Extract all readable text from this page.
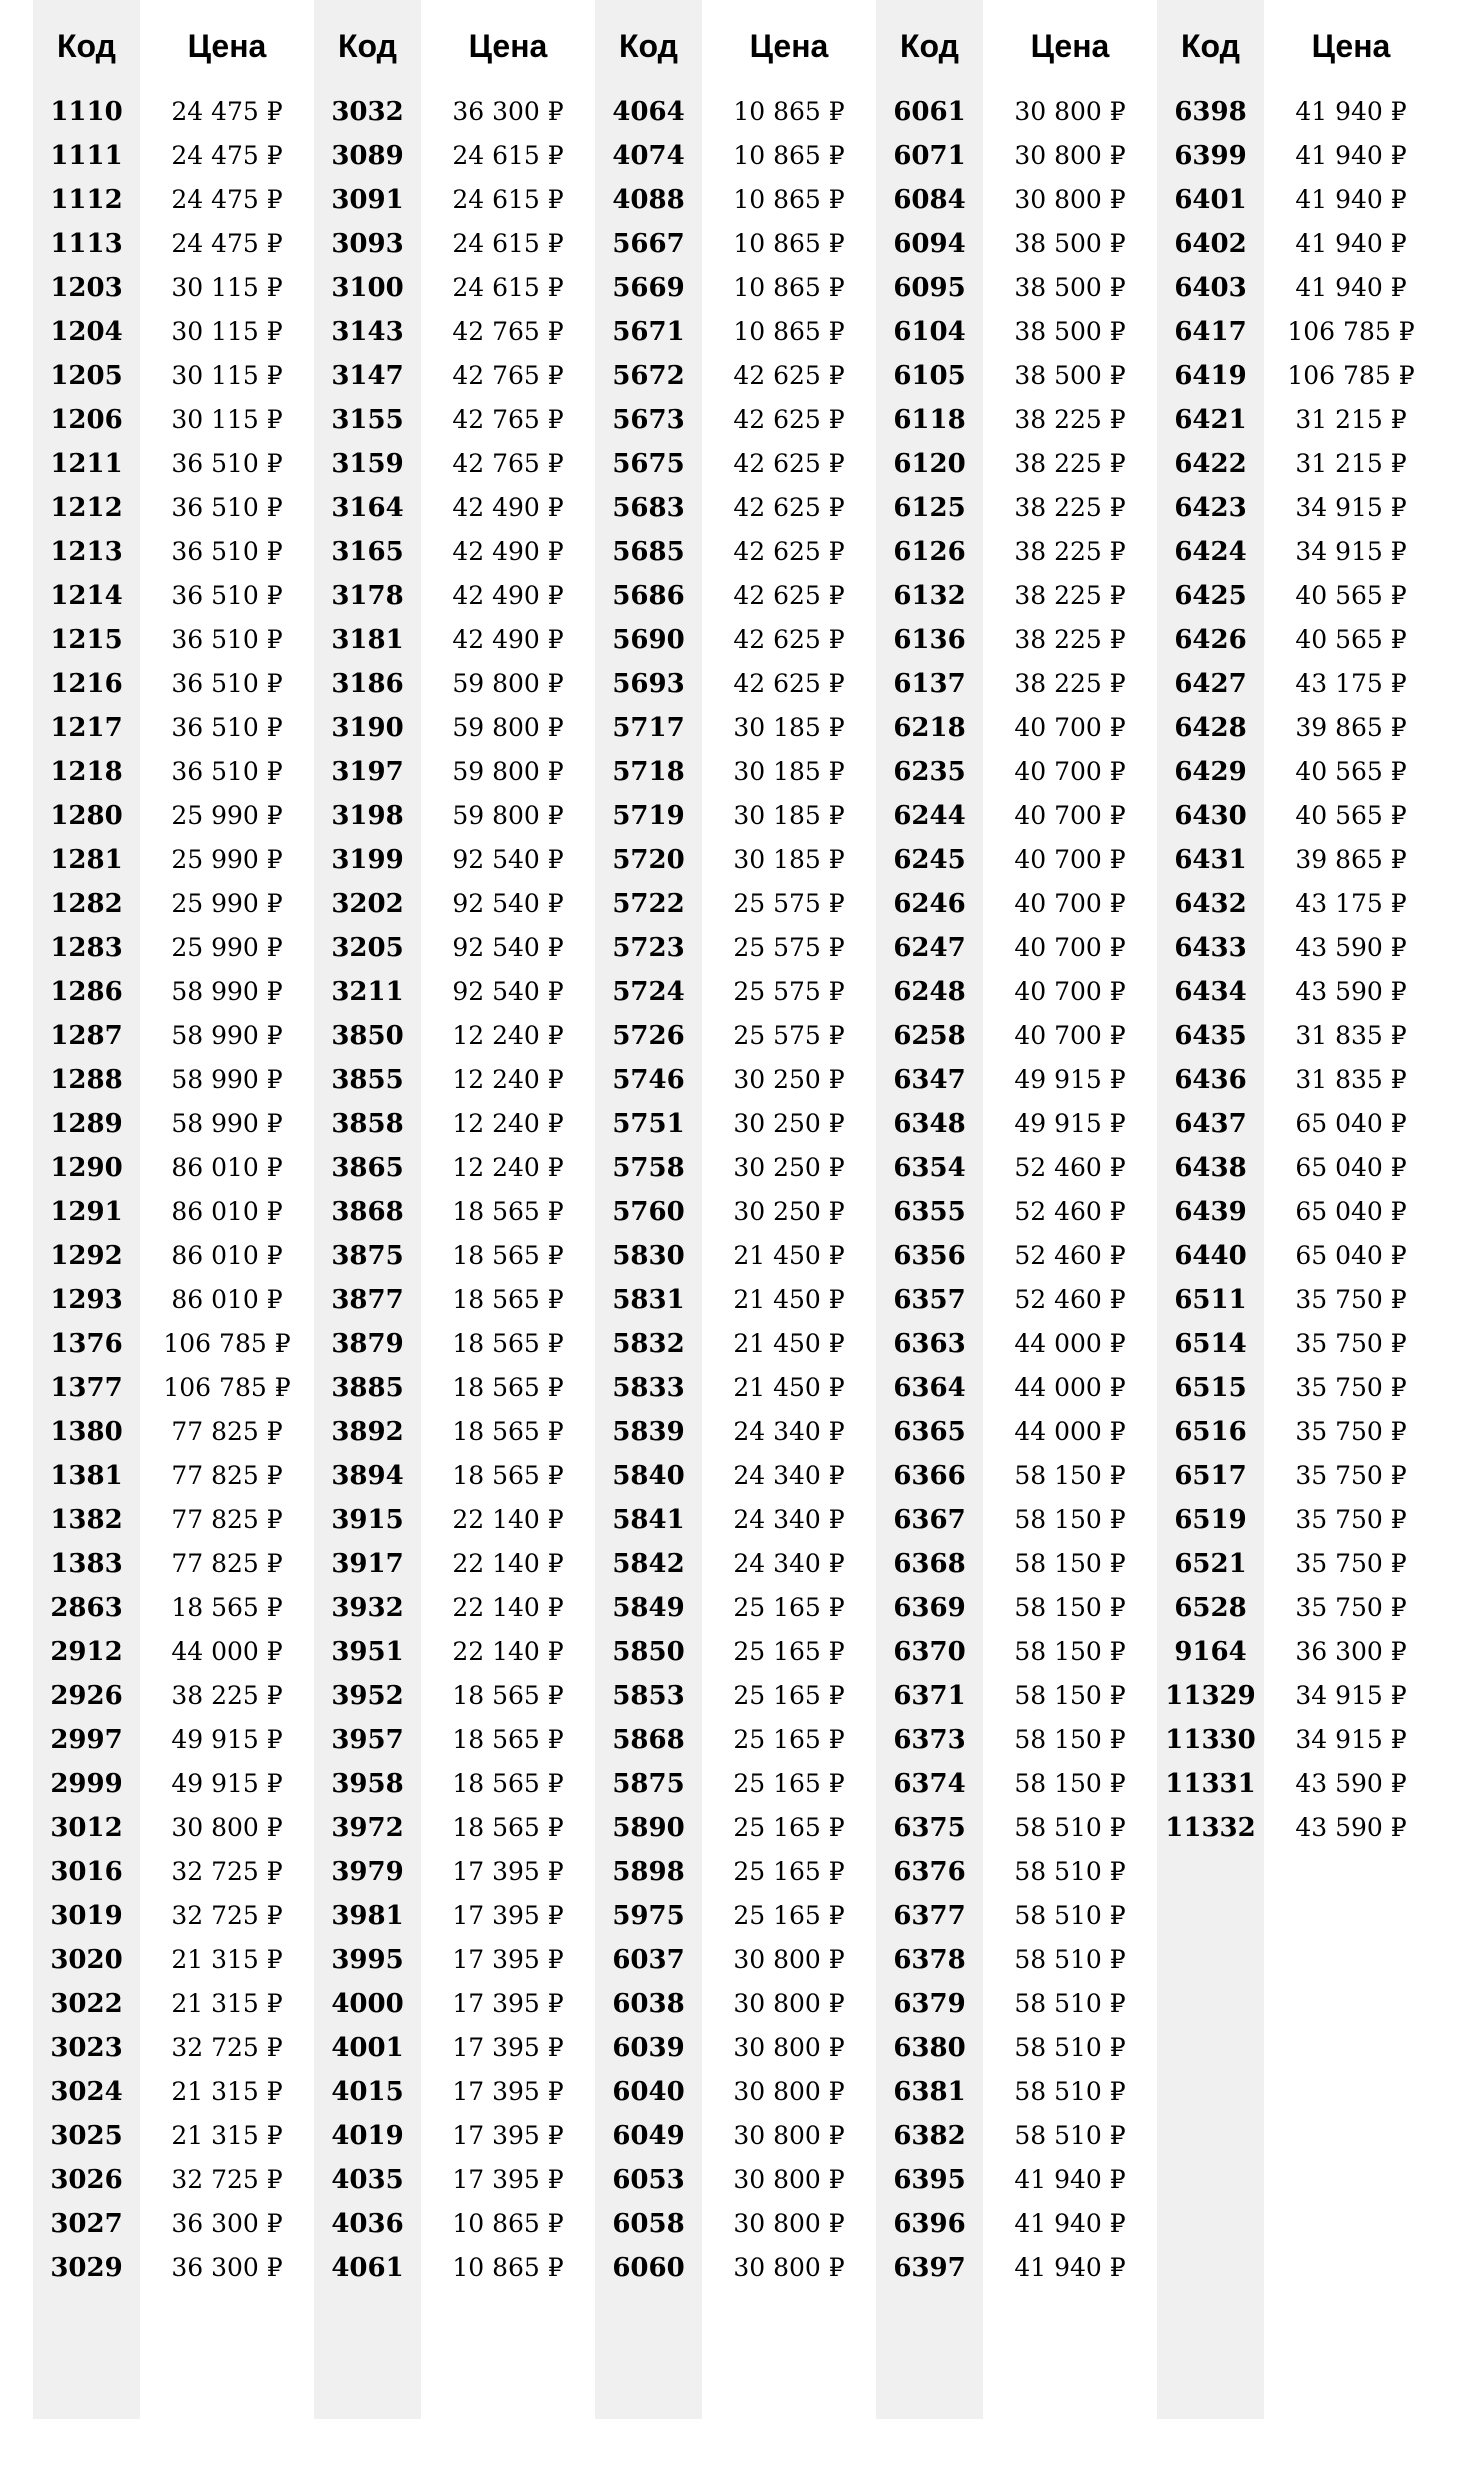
Код	Цена
1110	24 475 ₽
1111	24 475 ₽
1112	24 475 ₽
1113	24 475 ₽
1203	30 115 ₽
1204	30 115 ₽
1205	30 115 ₽
1206	30 115 ₽
1211	36 510 ₽
1212	36 510 ₽
1213	36 510 ₽
1214	36 510 ₽
1215	36 510 ₽
1216	36 510 ₽
1217	36 510 ₽
1218	36 510 ₽
1280	25 990 ₽
1281	25 990 ₽
1282	25 990 ₽
1283	25 990 ₽
1286	58 990 ₽
1287	58 990 ₽
1288	58 990 ₽
1289	58 990 ₽
1290	86 010 ₽
1291	86 010 ₽
1292	86 010 ₽
1293	86 010 ₽
1376	106 785 ₽
1377	106 785 ₽
1380	77 825 ₽
1381	77 825 ₽
1382	77 825 ₽
1383	77 825 ₽
2863	18 565 ₽
2912	44 000 ₽
2926	38 225 ₽
2997	49 915 ₽
2999	49 915 ₽
3012	30 800 ₽
3016	32 725 ₽
3019	32 725 ₽
3020	21 315 ₽
3022	21 315 ₽
3023	32 725 ₽
3024	21 315 ₽
3025	21 315 ₽
3026	32 725 ₽
3027	36 300 ₽
3029	36 300 ₽
Код	Цена
3032	36 300 ₽
3089	24 615 ₽
3091	24 615 ₽
3093	24 615 ₽
3100	24 615 ₽
3143	42 765 ₽
3147	42 765 ₽
3155	42 765 ₽
3159	42 765 ₽
3164	42 490 ₽
3165	42 490 ₽
3178	42 490 ₽
3181	42 490 ₽
3186	59 800 ₽
3190	59 800 ₽
3197	59 800 ₽
3198	59 800 ₽
3199	92 540 ₽
3202	92 540 ₽
3205	92 540 ₽
3211	92 540 ₽
3850	12 240 ₽
3855	12 240 ₽
3858	12 240 ₽
3865	12 240 ₽
3868	18 565 ₽
3875	18 565 ₽
3877	18 565 ₽
3879	18 565 ₽
3885	18 565 ₽
3892	18 565 ₽
3894	18 565 ₽
3915	22 140 ₽
3917	22 140 ₽
3932	22 140 ₽
3951	22 140 ₽
3952	18 565 ₽
3957	18 565 ₽
3958	18 565 ₽
3972	18 565 ₽
3979	17 395 ₽
3981	17 395 ₽
3995	17 395 ₽
4000	17 395 ₽
4001	17 395 ₽
4015	17 395 ₽
4019	17 395 ₽
4035	17 395 ₽
4036	10 865 ₽
4061	10 865 ₽
Код	Цена
4064	10 865 ₽
4074	10 865 ₽
4088	10 865 ₽
5667	10 865 ₽
5669	10 865 ₽
5671	10 865 ₽
5672	42 625 ₽
5673	42 625 ₽
5675	42 625 ₽
5683	42 625 ₽
5685	42 625 ₽
5686	42 625 ₽
5690	42 625 ₽
5693	42 625 ₽
5717	30 185 ₽
5718	30 185 ₽
5719	30 185 ₽
5720	30 185 ₽
5722	25 575 ₽
5723	25 575 ₽
5724	25 575 ₽
5726	25 575 ₽
5746	30 250 ₽
5751	30 250 ₽
5758	30 250 ₽
5760	30 250 ₽
5830	21 450 ₽
5831	21 450 ₽
5832	21 450 ₽
5833	21 450 ₽
5839	24 340 ₽
5840	24 340 ₽
5841	24 340 ₽
5842	24 340 ₽
5849	25 165 ₽
5850	25 165 ₽
5853	25 165 ₽
5868	25 165 ₽
5875	25 165 ₽
5890	25 165 ₽
5898	25 165 ₽
5975	25 165 ₽
6037	30 800 ₽
6038	30 800 ₽
6039	30 800 ₽
6040	30 800 ₽
6049	30 800 ₽
6053	30 800 ₽
6058	30 800 ₽
6060	30 800 ₽
Код	Цена
6061	30 800 ₽
6071	30 800 ₽
6084	30 800 ₽
6094	38 500 ₽
6095	38 500 ₽
6104	38 500 ₽
6105	38 500 ₽
6118	38 225 ₽
6120	38 225 ₽
6125	38 225 ₽
6126	38 225 ₽
6132	38 225 ₽
6136	38 225 ₽
6137	38 225 ₽
6218	40 700 ₽
6235	40 700 ₽
6244	40 700 ₽
6245	40 700 ₽
6246	40 700 ₽
6247	40 700 ₽
6248	40 700 ₽
6258	40 700 ₽
6347	49 915 ₽
6348	49 915 ₽
6354	52 460 ₽
6355	52 460 ₽
6356	52 460 ₽
6357	52 460 ₽
6363	44 000 ₽
6364	44 000 ₽
6365	44 000 ₽
6366	58 150 ₽
6367	58 150 ₽
6368	58 150 ₽
6369	58 150 ₽
6370	58 150 ₽
6371	58 150 ₽
6373	58 150 ₽
6374	58 150 ₽
6375	58 510 ₽
6376	58 510 ₽
6377	58 510 ₽
6378	58 510 ₽
6379	58 510 ₽
6380	58 510 ₽
6381	58 510 ₽
6382	58 510 ₽
6395	41 940 ₽
6396	41 940 ₽
6397	41 940 ₽
Код	Цена
6398	41 940 ₽
6399	41 940 ₽
6401	41 940 ₽
6402	41 940 ₽
6403	41 940 ₽
6417	106 785 ₽
6419	106 785 ₽
6421	31 215 ₽
6422	31 215 ₽
6423	34 915 ₽
6424	34 915 ₽
6425	40 565 ₽
6426	40 565 ₽
6427	43 175 ₽
6428	39 865 ₽
6429	40 565 ₽
6430	40 565 ₽
6431	39 865 ₽
6432	43 175 ₽
6433	43 590 ₽
6434	43 590 ₽
6435	31 835 ₽
6436	31 835 ₽
6437	65 040 ₽
6438	65 040 ₽
6439	65 040 ₽
6440	65 040 ₽
6511	35 750 ₽
6514	35 750 ₽
6515	35 750 ₽
6516	35 750 ₽
6517	35 750 ₽
6519	35 750 ₽
6521	35 750 ₽
6528	35 750 ₽
9164	36 300 ₽
11329	34 915 ₽
11330	34 915 ₽
11331	43 590 ₽
11332	43 590 ₽
